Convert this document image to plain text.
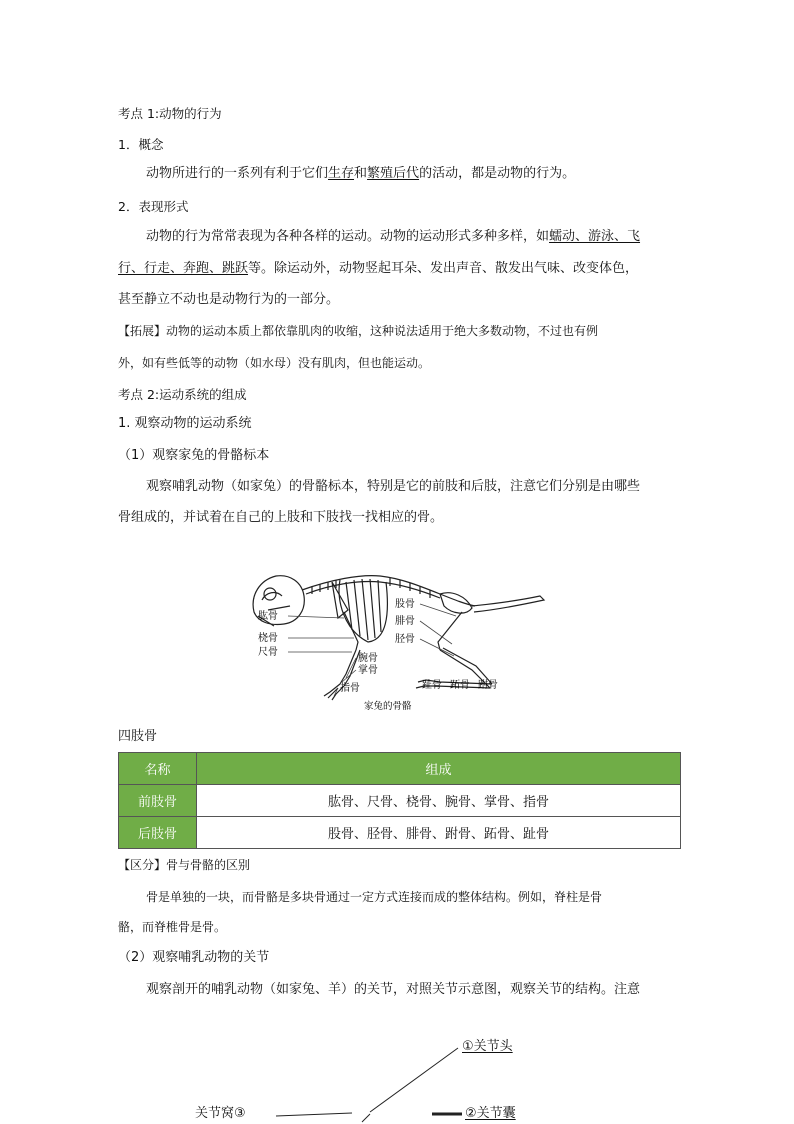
考点 1:动物的行为
1．概念
动物所进行的一系列有利于它们生存和繁殖后代的活动，都是动物的行为。
2．表现形式
动物的行为常常表现为各种各样的运动。动物的运动形式多种多样，如蠕动、游泳、飞
行、行走、奔跑、跳跃等。除运动外，动物竖起耳朵、发出声音、散发出气味、改变体色，
甚至静立不动也是动物行为的一部分。
【拓展】动物的运动本质上都依靠肌肉的收缩，这种说法适用于绝大多数动物，不过也有例
外，如有些低等的动物（如水母）没有肌肉，但也能运动。
考点 2:运动系统的组成
1. 观察动物的运动系统
（1）观察家兔的骨骼标本
观察哺乳动物（如家兔）的骨骼标本，特别是它的前肢和后肢，注意它们分别是由哪些
骨组成的，并试着在自己的上肢和下肢找一找相应的骨。
肱骨
桡骨
尺骨
腕骨
掌骨
指骨
股骨
腓骨
胫骨
趾骨 跖骨 跗骨
家兔的骨骼
四肢骨
名称	组成
前肢骨	肱骨、尺骨、桡骨、腕骨、掌骨、指骨
后肢骨	股骨、胫骨、腓骨、跗骨、跖骨、趾骨
【区分】骨与骨骼的区别
骨是单独的一块，而骨骼是多块骨通过一定方式连接而成的整体结构。例如，脊柱是骨
骼，而脊椎骨是骨。
（2）观察哺乳动物的关节
观察剖开的哺乳动物（如家兔、羊）的关节，对照关节示意图，观察关节的结构。注意
①关节头
②关节囊
关节窝③
